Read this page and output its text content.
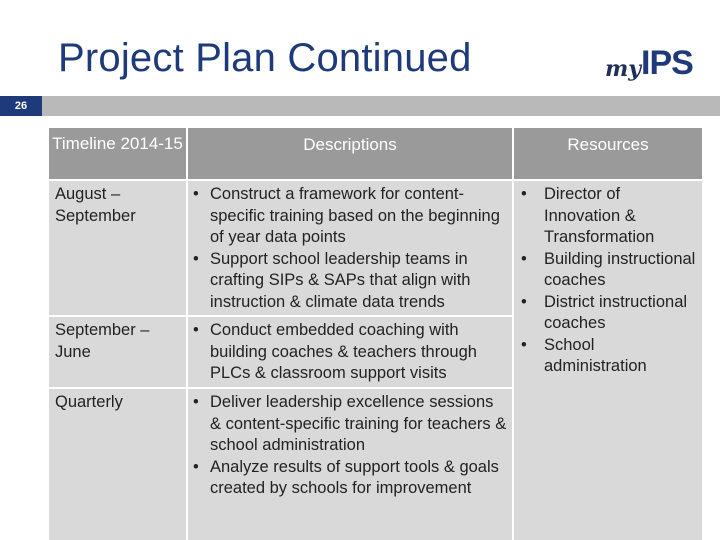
Project Plan Continued	my IPS
26
Timeline 2014-15	Descriptions	Resources
August – September
• Construct a framework for content-specific training based on the beginning of year data points
• Support school leadership teams in crafting SIPs & SAPs that align with instruction & climate data trends
September – June
• Conduct embedded coaching with building coaches & teachers through PLCs & classroom support visits
Quarterly
•	Deliver leadership excellence sessions & content-specific training for teachers & school administration
• Analyze results of support tools & goals created by schools for improvement
• Director of Innovation & Transformation
• Building instructional coaches
• District instructional coaches
• School administration
